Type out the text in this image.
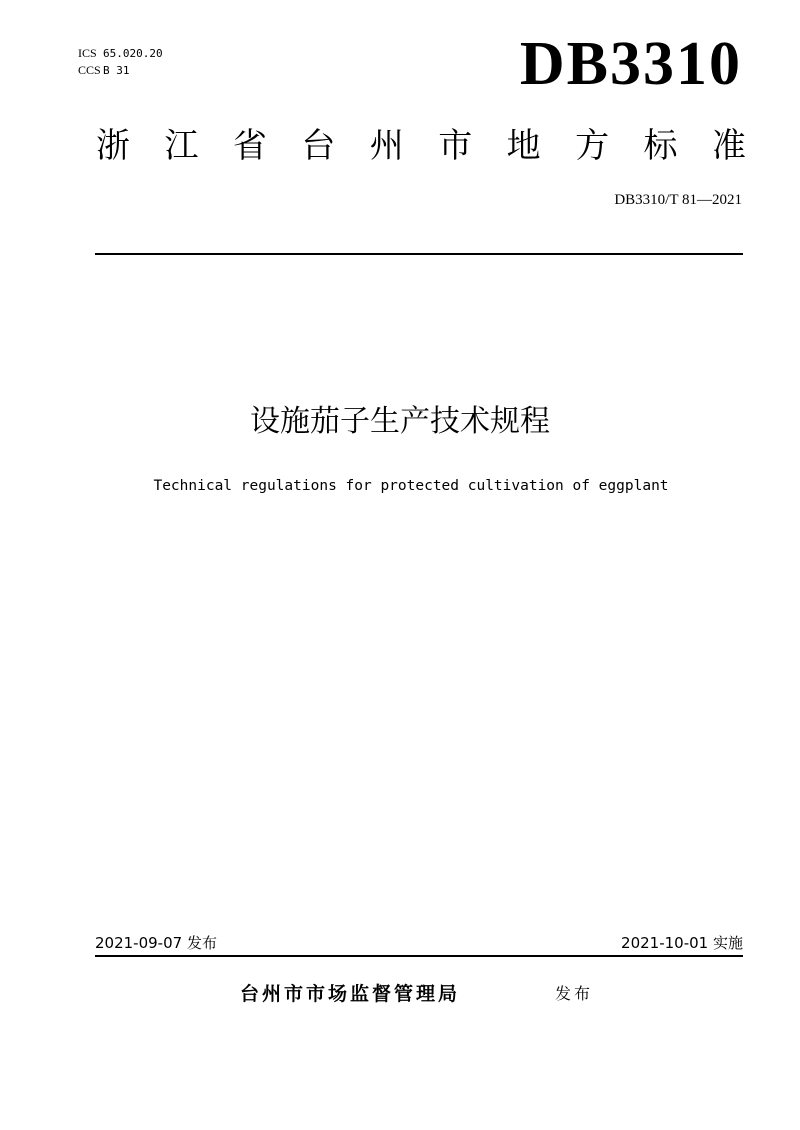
ICS 65.020.20
CCS B 31	DB3310
浙 江 省 台 州 市 地 方 标 准
DB3310/T 81—2021
设施茄子生产技术规程
Technical regulations for protected cultivation of eggplant
2021-09-07 发布	2021-10-01 实施
台州市市场监督管理局	发布
